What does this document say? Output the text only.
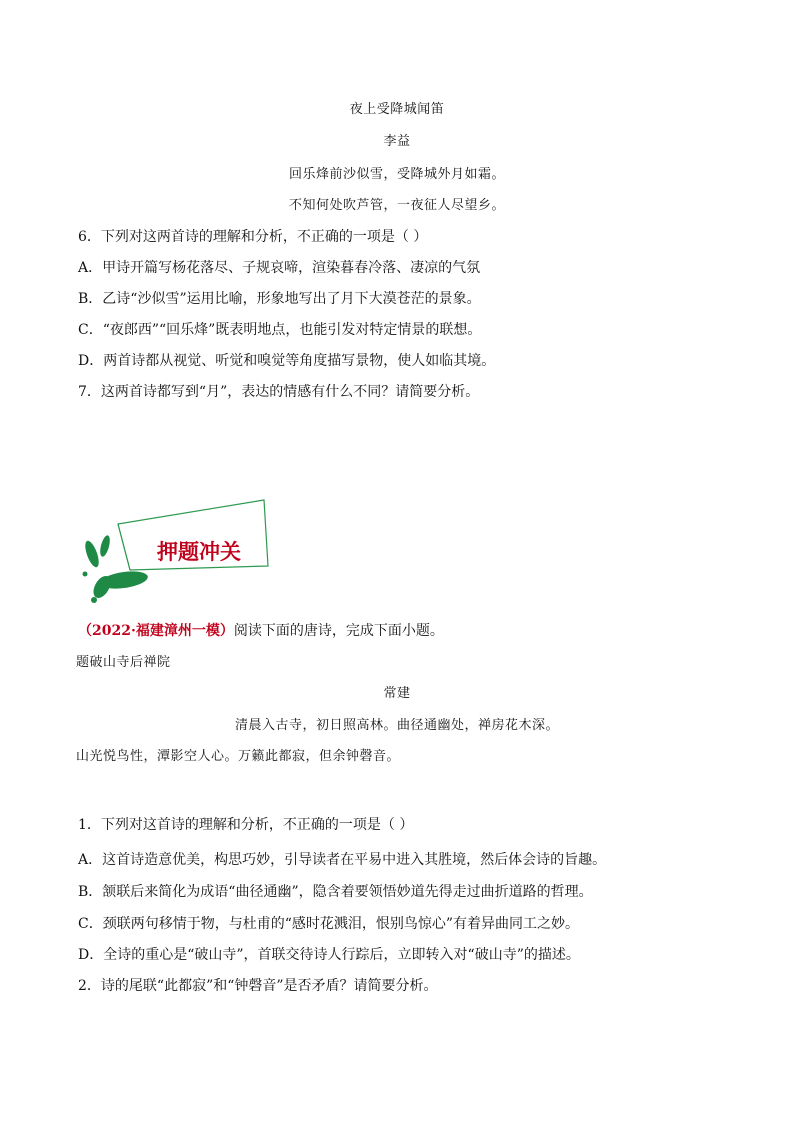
夜上受降城闻笛
李益
回乐烽前沙似雪，受降城外月如霜。
不知何处吹芦管，一夜征人尽望乡。
6．下列对这两首诗的理解和分析，不正确的一项是（ ）
A．甲诗开篇写杨花落尽、子规哀啼，渲染暮春冷落、凄凉的气氛
B．乙诗“沙似雪”运用比喻，形象地写出了月下大漠苍茫的景象。
C．“夜郎西”“回乐烽”既表明地点，也能引发对特定情景的联想。
D．两首诗都从视觉、听觉和嗅觉等角度描写景物，使人如临其境。
7．这两首诗都写到“月”，表达的情感有什么不同？请简要分析。
押题冲关
（2022·福建漳州一模）阅读下面的唐诗，完成下面小题。
题破山寺后禅院
常建
清晨入古寺，初日照高林。曲径通幽处，禅房花木深。
山光悦鸟性，潭影空人心。万籁此都寂，但余钟磬音。
1．下列对这首诗的理解和分析，不正确的一项是（ ）
A．这首诗造意优美，构思巧妙，引导读者在平易中进入其胜境，然后体会诗的旨趣。
B．颔联后来简化为成语“曲径通幽”，隐含着要领悟妙道先得走过曲折道路的哲理。
C．颈联两句移情于物，与杜甫的“感时花溅泪，恨别鸟惊心”有着异曲同工之妙。
D．全诗的重心是“破山寺”，首联交待诗人行踪后，立即转入对“破山寺”的描述。
2．诗的尾联“此都寂”和“钟磬音”是否矛盾？请简要分析。
